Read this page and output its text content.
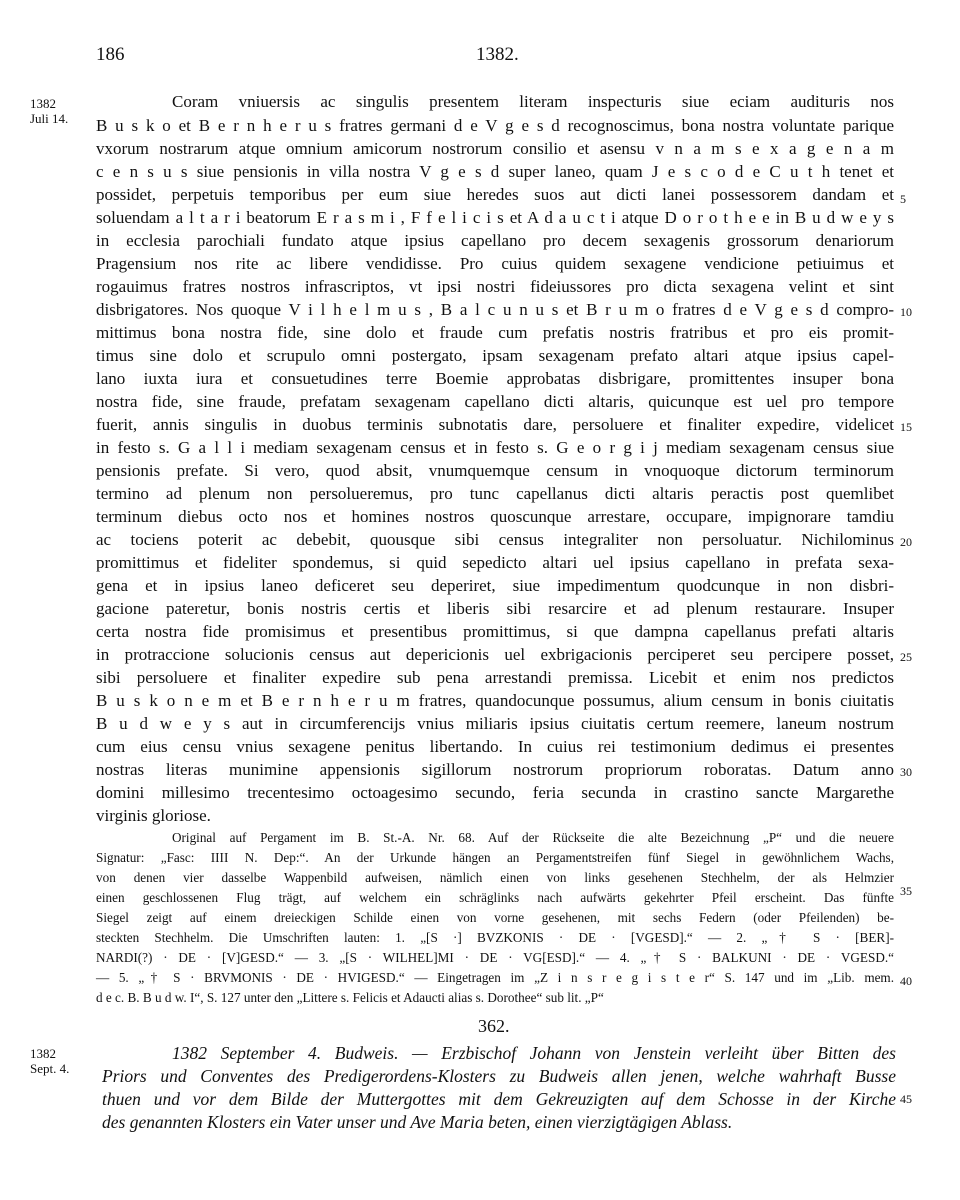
186	1382.
1382
Juli 14.
Coram vniuersis ac singulis presentem literam inspecturis siue eciam audituris nos
B u s k o et B e r n h e r u s fratres germani d e V g e s d recognoscimus, bona nostra voluntate parique
vxorum nostrarum atque omnium amicorum nostrorum consilio et asensu v n a m s e x a g e n a m
c e n s u s siue pensionis in villa nostra V g e s d super laneo, quam J e s c o d e C u t h tenet et
possidet, perpetuis temporibus per eum siue heredes suos aut dicti lanei possessorem dandam et
soluendam a l t a r i beatorum E r a s m i , F f e l i c i s et A d a u c t i atque D o r o t h e e in B u d w e y s
in ecclesia parochiali fundato atque ipsius capellano pro decem sexagenis grossorum denariorum
Pragensium nos rite ac libere vendidisse. Pro cuius quidem sexagene vendicione petiuimus et
rogauimus fratres nostros infrascriptos, vt ipsi nostri fideiussores pro dicta sexagena velint et sint
disbrigatores. Nos quoque V i l h e l m u s , B a l c u n u s et B r u m o fratres d e V g e s d compro-
mittimus bona nostra fide, sine dolo et fraude cum prefatis nostris fratribus et pro eis promit-
timus sine dolo et scrupulo omni postergato, ipsam sexagenam prefato altari atque ipsius capel-
lano iuxta iura et consuetudines terre Boemie approbatas disbrigare, promittentes insuper bona
nostra fide, sine fraude, prefatam sexagenam capellano dicti altaris, quicunque est uel pro tempore
fuerit, annis singulis in duobus terminis subnotatis dare, persoluere et finaliter expedire, videlicet
in festo s. G a l l i mediam sexagenam census et in festo s. G e o r g i j mediam sexagenam census siue
pensionis prefate. Si vero, quod absit, vnumquemque censum in vnoquoque dictorum terminorum
termino ad plenum non persolueremus, pro tunc capellanus dicti altaris peractis post quemlibet
terminum diebus octo nos et homines nostros quoscunque arrestare, occupare, impignorare tamdiu
ac tociens poterit ac debebit, quousque sibi census integraliter non persoluatur. Nichilominus
promittimus et fideliter spondemus, si quid sepedicto altari uel ipsius capellano in prefata sexa-
gena et in ipsius laneo deficeret seu deperiret, siue impedimentum quodcunque in non disbri-
gacione pateretur, bonis nostris certis et liberis sibi resarcire et ad plenum restaurare. Insuper
certa nostra fide promisimus et presentibus promittimus, si que dampna capellanus prefati altaris
in protraccione solucionis census aut depericionis uel exbrigacionis perciperet seu percipere posset,
sibi persoluere et finaliter expedire sub pena arrestandi premissa. Licebit et enim nos predictos
B u s k o n e m et B e r n h e r u m fratres, quandocunque possumus, alium censum in bonis ciuitatis
B u d w e y s aut in circumferencijs vnius miliaris ipsius ciuitatis certum reemere, laneum nostrum
cum eius censu vnius sexagene penitus libertando. In cuius rei testimonium dedimus ei presentes
nostras literas munimine appensionis sigillorum nostrorum propriorum roboratas. Datum anno
domini millesimo trecentesimo octoagesimo secundo, feria secunda in crastino sancte Margarethe
virginis gloriose.
Original auf Pergament im B. St.-A. Nr. 68. Auf der Rückseite die alte Bezeichnung „P“ und die neuere
Signatur: „Fasc: IIII N. Dep:“. An der Urkunde hängen an Pergamentstreifen fünf Siegel in gewöhnlichem Wachs,
von denen vier dasselbe Wappenbild aufweisen, nämlich einen von links gesehenen Stechhelm, der als Helmzier
einen geschlossenen Flug trägt, auf welchem ein schräglinks nach aufwärts gekehrter Pfeil erscheint. Das fünfte
Siegel zeigt auf einem dreieckigen Schilde einen von vorne gesehenen, mit sechs Federn (oder Pfeilenden) be-
steckten Stechhelm. Die Umschriften lauten: 1. „[S ·] BVZKONIS · DE · [VGESD].“ — 2. „† S · [BER]-
NARDI(?) · DE · [V]GESD.“ — 3. „[S · WILHEL]MI · DE · VG[ESD].“ — 4. „† S · BALKUNI · DE · VGESD.“
— 5. „† S · BRVMONIS · DE · HVIGESD.“ — Eingetragen im „Z i n s r e g i s t e r“ S. 147 und im „Lib. mem.
d e c. B. B u d w. I“, S. 127 unter den „Littere s. Felicis et Adaucti alias s. Dorothee“ sub lit. „P“
5
10
15
20
25
30
35
40
362.
1382
Sept. 4.
1382 September 4. Budweis. — Erzbischof Johann von Jenstein verleiht über Bitten des
Priors und Conventes des Predigerordens-Klosters zu Budweis allen jenen, welche wahrhaft Busse
thuen und vor dem Bilde der Muttergottes mit dem Gekreuzigten auf dem Schosse in der Kirche
des genannten Klosters ein Vater unser und Ave Maria beten, einen vierzigtägigen Ablass.
45
